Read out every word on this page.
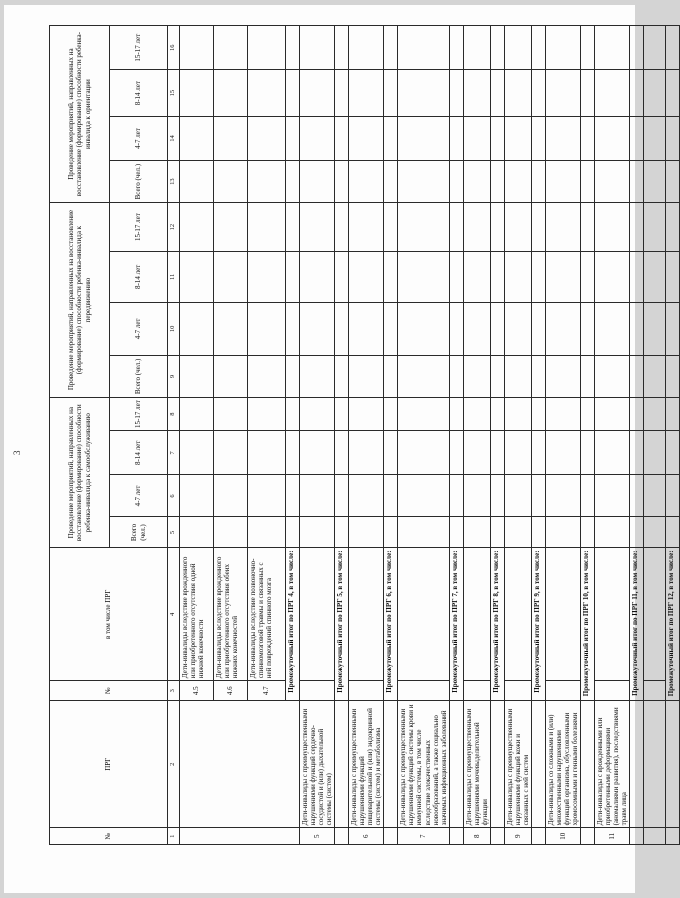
3
№	ПРГ	№	в том числе ПРГ	Проведение мероприятий, направленных на восстановление (формирование) способности ребенка-инвалида к самообслуживанию				Проведение мероприятий, направленных на восстановление (формирование) способности ребенка-инвалида к передвижению				Проведение мероприятий, направленных на восстановление (формирование) способности ребенка-инвалида к ориентации			
				Всего (чел.)	4-7 лет	8-14 лет	15-17 лет	Всего (чел.)	4-7 лет	8-14 лет	15-17 лет	Всего (чел.)	4-7 лет	8-14 лет	15-17 лет
1	2	3	4	5	6	7	8	9	10	11	12	13	14	15	16
		4.5	Дети-инвалиды вследствие врожденного или приобретенного отсутствия одной нижней конечности												
		4.6	Дети-инвалиды вследствие врожденного или приобретенного отсутствия обеих нижних конечностей												
		4.7	Дети-инвалиды вследствие позвоночно-спинномозговой травмы и связанных с ней повреждений спинного мозга												
		Промежуточный итог по ПРГ 4, в том числе:													
5	Дети-инвалиды с преимущественными нарушениями функций сердечно-сосудистой и (или) дыхательной системы (систем)														
		Промежуточный итог по ПРГ 5, в том числе:													
6	Дети-инвалиды с преимущественными нарушениями функций пищеварительной и (или) эндокринной системы (систем) и метаболизма														
		Промежуточный итог по ПРГ 6, в том числе:													
7	Дети-инвалиды с преимущественными нарушениями функций системы крови и иммунной системы, в том числе вследствие злокачественных новообразований, а также социально значимых инфекционных заболеваний														
		Промежуточный итог по ПРГ 7, в том числе:													
8	Дети-инвалиды с преимущественными нарушениями мочевыделительной функции														
		Промежуточный итог по ПРГ 8, в том числе:													
9	Дети-инвалиды с преимущественными нарушениями функций кожи и связанных с ней систем														
		Промежуточный итог по ПРГ 9, в том числе:													
10	Дети-инвалиды со сложными и (или) множественными нарушениями функций организма, обусловленными хромосомными и генными болезнями														
		Промежуточный итог по ПРГ 10, в том числе:													
11	Дети-инвалиды с врожденными или приобретенными деформациями (аномалиями развития), последствиями травм лица														
		Промежуточный итог по ПРГ 11, в том числе:													

		Промежуточный итог по ПРГ 12, в том числе:													
